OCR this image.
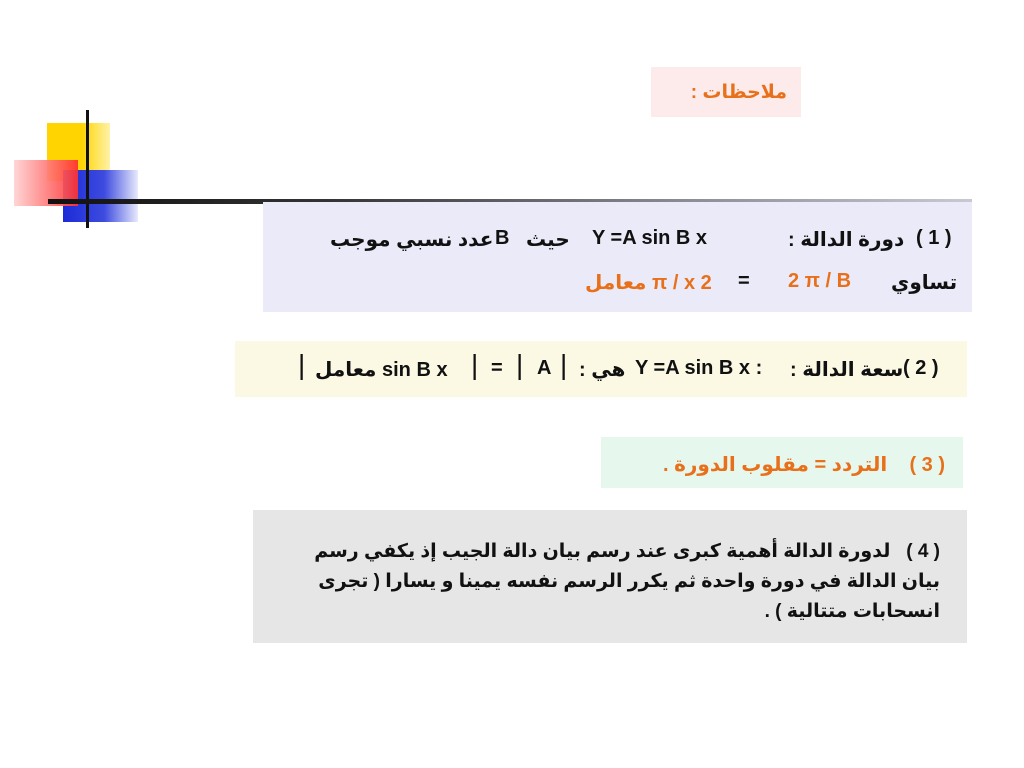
ملاحظات :
( 1 )
دورة الدالة :
Y =A sin B x
حيث
B
عدد نسبي موجب
تساوي
2 π / B
=
2 π / x معامل
( 2 )
سعة الدالة :
Y =A sin B x :
هي :
|
A
|
=
|
sin B x معامل
|
( 3 )    التردد = مقلوب الدورة .
( 4 )   لدورة الدالة أهمية كبرى عند رسم بيان دالة الجيب إذ يكفي رسم بيان الدالة في دورة واحدة ثم يكرر الرسم نفسه يمينا و يسارا ( تجرى انسحابات متتالية ) .
